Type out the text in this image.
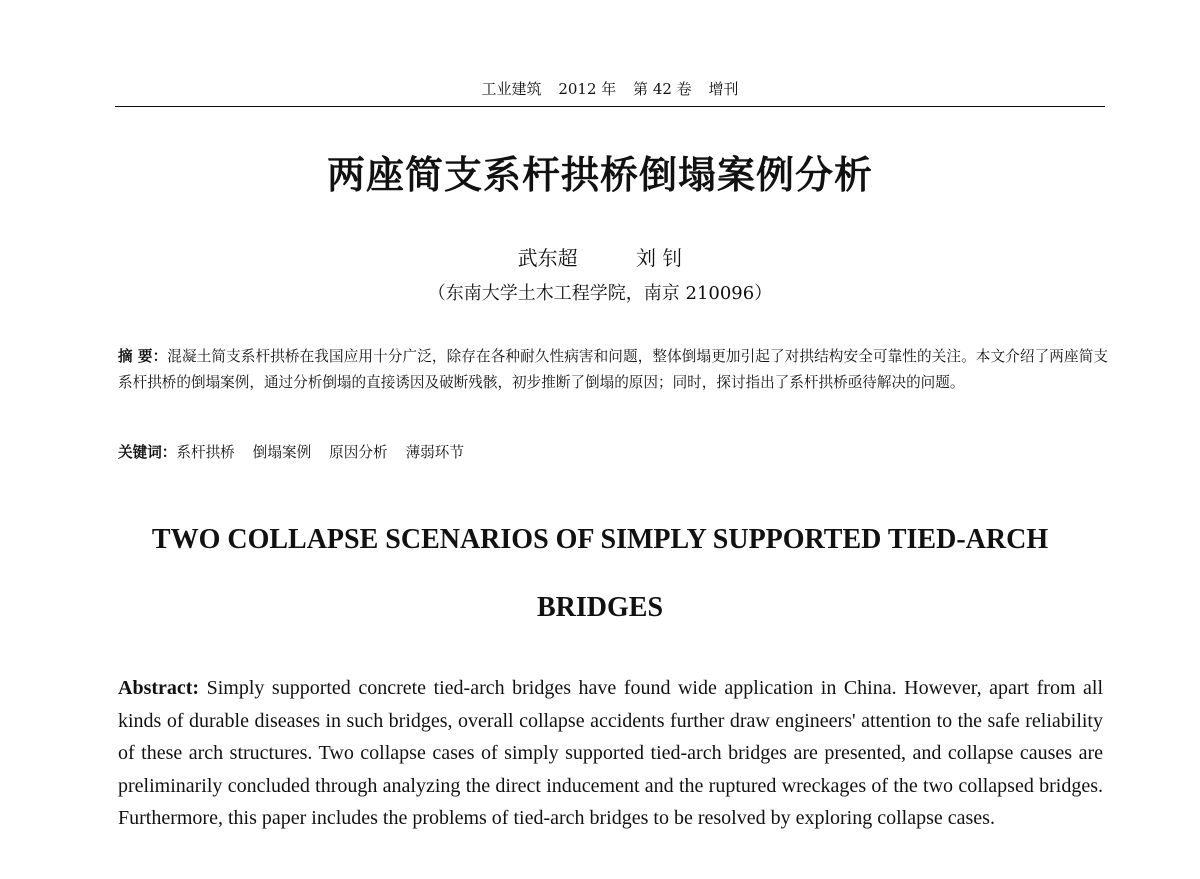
工业建筑 2012 年 第 42 卷 增刊
两座简支系杆拱桥倒塌案例分析
武东超	刘 钊
（东南大学土木工程学院，南京 210096）
摘 要：混凝土简支系杆拱桥在我国应用十分广泛，除存在各种耐久性病害和问题，整体倒塌更加引起了对拱结构安全可靠性的关注。本文介绍了两座简支系杆拱桥的倒塌案例，通过分析倒塌的直接诱因及破断残骸，初步推断了倒塌的原因；同时，探讨指出了系杆拱桥亟待解决的问题。
关键词：系杆拱桥 倒塌案例 原因分析 薄弱环节
TWO COLLAPSE SCENARIOS OF SIMPLY SUPPORTED TIED-ARCH
BRIDGES
Abstract: Simply supported concrete tied-arch bridges have found wide application in China. However, apart from all kinds of durable diseases in such bridges, overall collapse accidents further draw engineers' attention to the safe reliability of these arch structures. Two collapse cases of simply supported tied-arch bridges are presented, and collapse causes are preliminarily concluded through analyzing the direct inducement and the ruptured wreckages of the two collapsed bridges. Furthermore, this paper includes the problems of tied-arch bridges to be resolved by exploring collapse cases.
